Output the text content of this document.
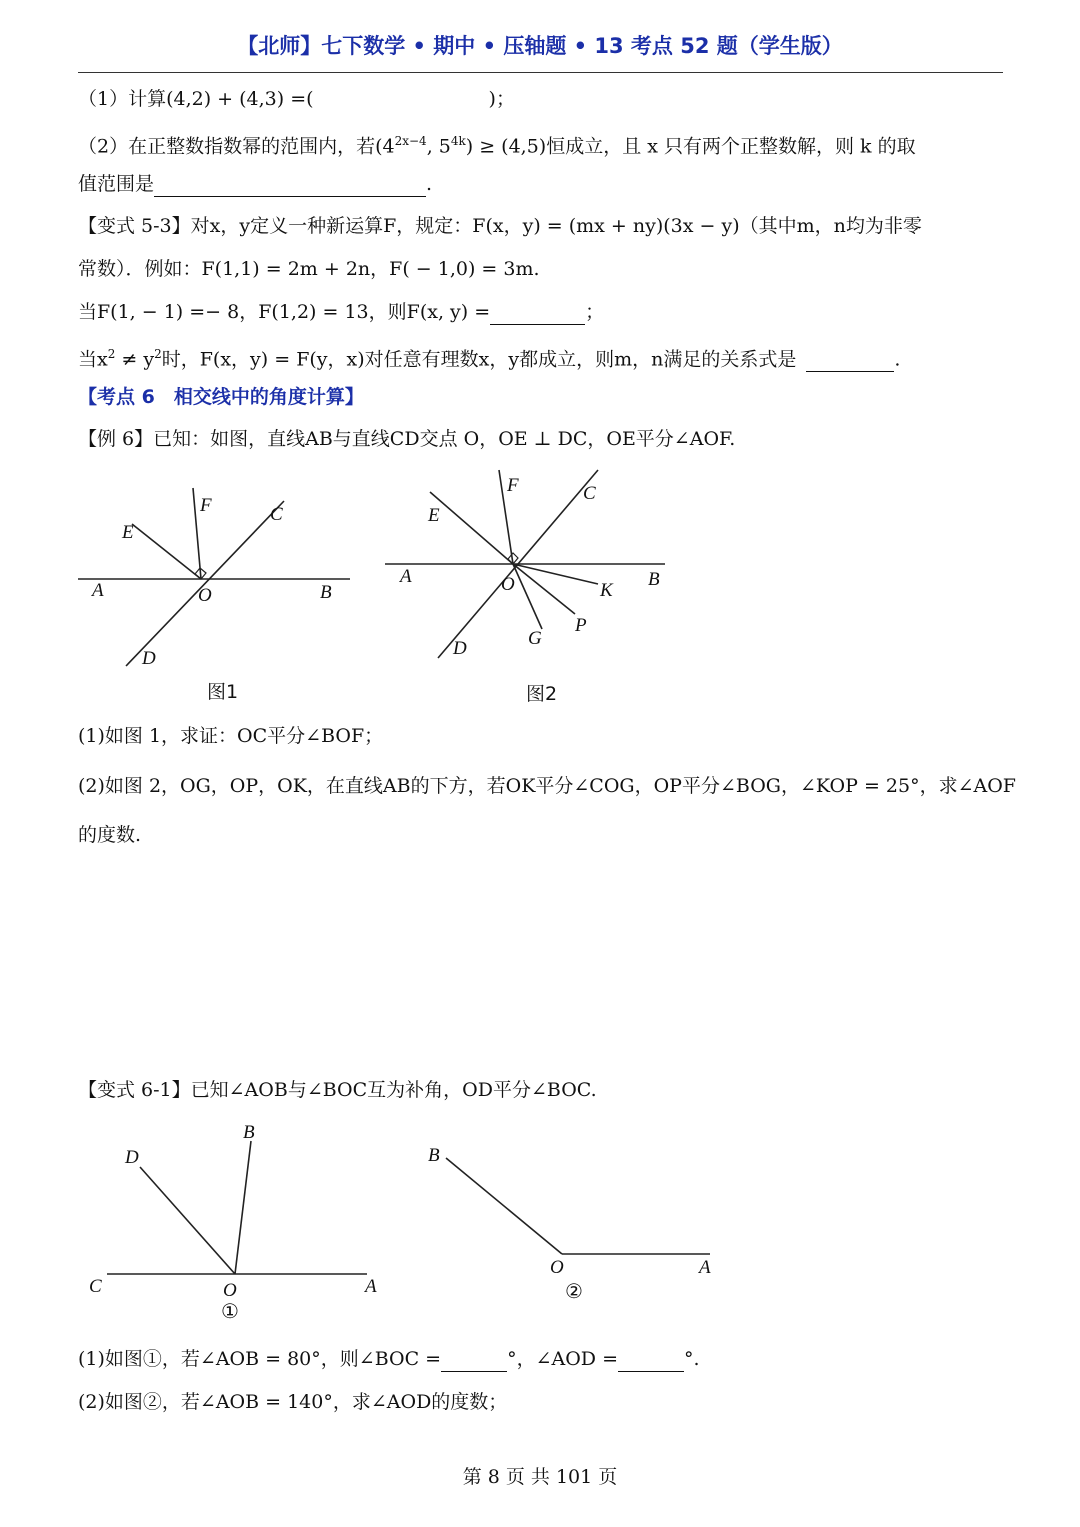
【北师】七下数学 • 期中 • 压轴题 • 13 考点 52 题（学生版）
（1）计算(4,2) + (4,3) =(	)；
（2）在正整数指数幂的范围内，若($4^{2x-4}$, $5^{4k}) \ge (4,5)$恒成立，且 x 只有两个正整数解，则 k 的取
值范围是	.
【变式 5-3】对x，y定义一种新运算F，规定：F(x，y) = (mx + ny)(3x − y)（其中m，n均为非零
常数）．例如：F(1,1) = 2m + 2n，F( − 1,0) = 3m.
当F(1, − 1) =− 8，F(1,2) = 13，则F(x, y) =	；
当$x^2 \ne y^2$时，F(x，y) = F(y，x)对任意有理数x，y都成立，则m，n满足的关系式是	.
【考点 6　相交线中的角度计算】
【例 6】已知：如图，直线AB与直线CD交点 O，OE ⊥ DC，OE平分∠AOF.
A	B
C
D
E
F
O
图1
A	B
C
D
E
F
O	K
P
G
图2
(1)如图 1，求证：OC平分∠BOF；
(2)如图 2，OG，OP，OK，在直线AB的下方，若OK平分∠COG，OP平分∠BOG，∠KOP = 25°，求∠AOF
的度数.
【变式 6-1】已知∠AOB与∠BOC互为补角，OD平分∠BOC.
C	A
B
D
O
①
B
A
O
②
(1)如图①，若∠AOB = 80°，则∠BOC =	°，∠AOD =	°.
(2)如图②，若∠AOB = 140°，求∠AOD的度数；
第 8 页 共 101 页
